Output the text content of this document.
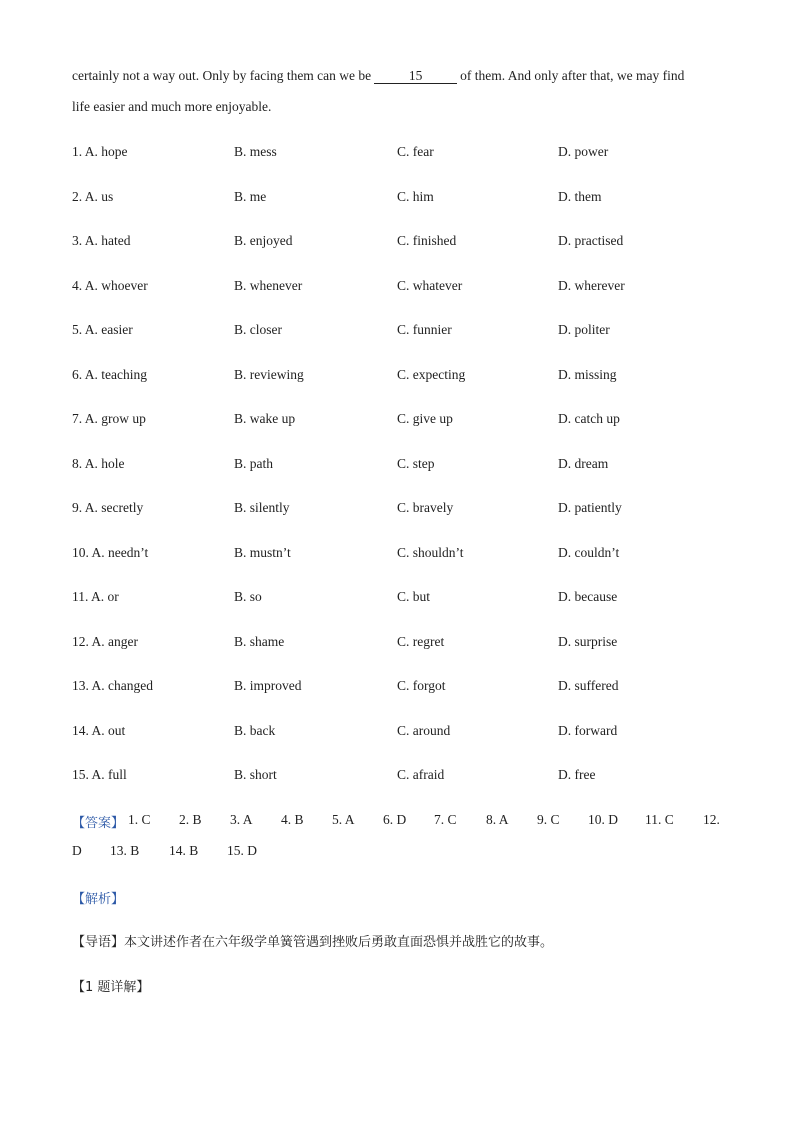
certainly not a way out. Only by facing them can we be	15	of them. And only after that, we may find
life easier and much more enjoyable.
1. A. hope	B. mess	C. fear	D. power
2. A. us	B. me	C. him	D. them
3. A. hated	B. enjoyed	C. finished	D. practised
4. A. whoever	B. whenever	C. whatever	D. wherever
5. A. easier	B. closer	C. funnier	D. politer
6. A. teaching	B. reviewing	C. expecting	D. missing
7. A. grow up	B. wake up	C. give up	D. catch up
8. A. hole	B. path	C. step	D. dream
9. A. secretly	B. silently	C. bravely	D. patiently
10. A. needn’t	B. mustn’t	C. shouldn’t	D. couldn’t
11. A. or	B. so	C. but	D. because
12. A. anger	B. shame	C. regret	D. surprise
13. A. changed	B. improved	C. forgot	D. suffered
14. A. out	B. back	C. around	D. forward
15. A. full	B. short	C. afraid	D. free
【答案】 1. C 2. B 3. A 4. B 5. A 6. D 7. C 8. A 9. C 10. D 11. C 12.
D 13. B 14. B 15. D
【解析】
【导语】本文讲述作者在六年级学单簧管遇到挫败后勇敢直面恐惧并战胜它的故事。
【1 题详解】
